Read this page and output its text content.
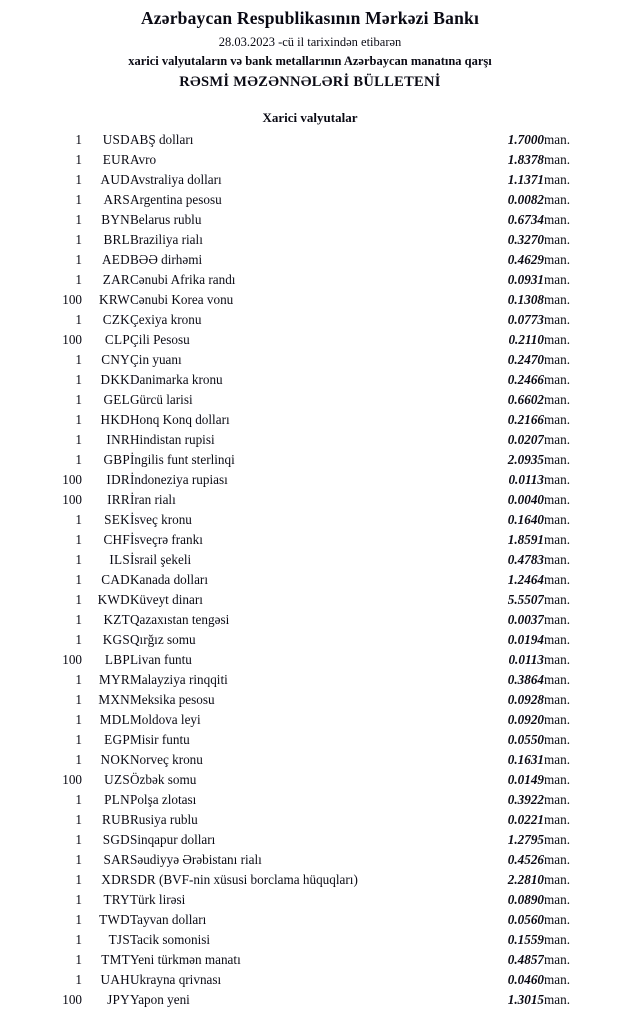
Azərbaycan Respublikasının Mərkəzi Bankı
28.03.2023 -cü il tarixindən etibarən
xarici valyutaların və bank metallarının Azərbaycan manatına qarşı
RƏSMİ MƏZƏNNƏLƏRİ BÜLLETENİ
Xarici valyutalar
1	USD	ABŞ dolları	1.7000	man.
1	EUR	Avro	1.8378	man.
1	AUD	Avstraliya dolları	1.1371	man.
1	ARS	Argentina pesosu	0.0082	man.
1	BYN	Belarus rublu	0.6734	man.
1	BRL	Braziliya rialı	0.3270	man.
1	AED	BƏƏ dirhəmi	0.4629	man.
1	ZAR	Cənubi Afrika randı	0.0931	man.
100	KRW	Cənubi Korea vonu	0.1308	man.
1	CZK	Çexiya kronu	0.0773	man.
100	CLP	Çili Pesosu	0.2110	man.
1	CNY	Çin yuanı	0.2470	man.
1	DKK	Danimarka kronu	0.2466	man.
1	GEL	Gürcü larisi	0.6602	man.
1	HKD	Honq Konq dolları	0.2166	man.
1	INR	Hindistan rupisi	0.0207	man.
1	GBP	İngilis funt sterlinqi	2.0935	man.
100	IDR	İndoneziya rupiası	0.0113	man.
100	IRR	İran rialı	0.0040	man.
1	SEK	İsveç kronu	0.1640	man.
1	CHF	İsveçrə frankı	1.8591	man.
1	ILS	İsrail şekeli	0.4783	man.
1	CAD	Kanada dolları	1.2464	man.
1	KWD	Küveyt dinarı	5.5507	man.
1	KZT	Qazaxıstan tengəsi	0.0037	man.
1	KGS	Qırğız somu	0.0194	man.
100	LBP	Livan funtu	0.0113	man.
1	MYR	Malayziya rinqqiti	0.3864	man.
1	MXN	Meksika pesosu	0.0928	man.
1	MDL	Moldova leyi	0.0920	man.
1	EGP	Misir funtu	0.0550	man.
1	NOK	Norveç kronu	0.1631	man.
100	UZS	Özbək somu	0.0149	man.
1	PLN	Polşa zlotası	0.3922	man.
1	RUB	Rusiya rublu	0.0221	man.
1	SGD	Sinqapur dolları	1.2795	man.
1	SAR	Səudiyyə Ərəbistanı rialı	0.4526	man.
1	XDR	SDR (BVF-nin xüsusi borclama hüquqları)	2.2810	man.
1	TRY	Türk lirəsi	0.0890	man.
1	TWD	Tayvan dolları	0.0560	man.
1	TJS	Tacik somonisi	0.1559	man.
1	TMT	Yeni türkmən manatı	0.4857	man.
1	UAH	Ukrayna qrivnası	0.0460	man.
100	JPY	Yapon yeni	1.3015	man.
